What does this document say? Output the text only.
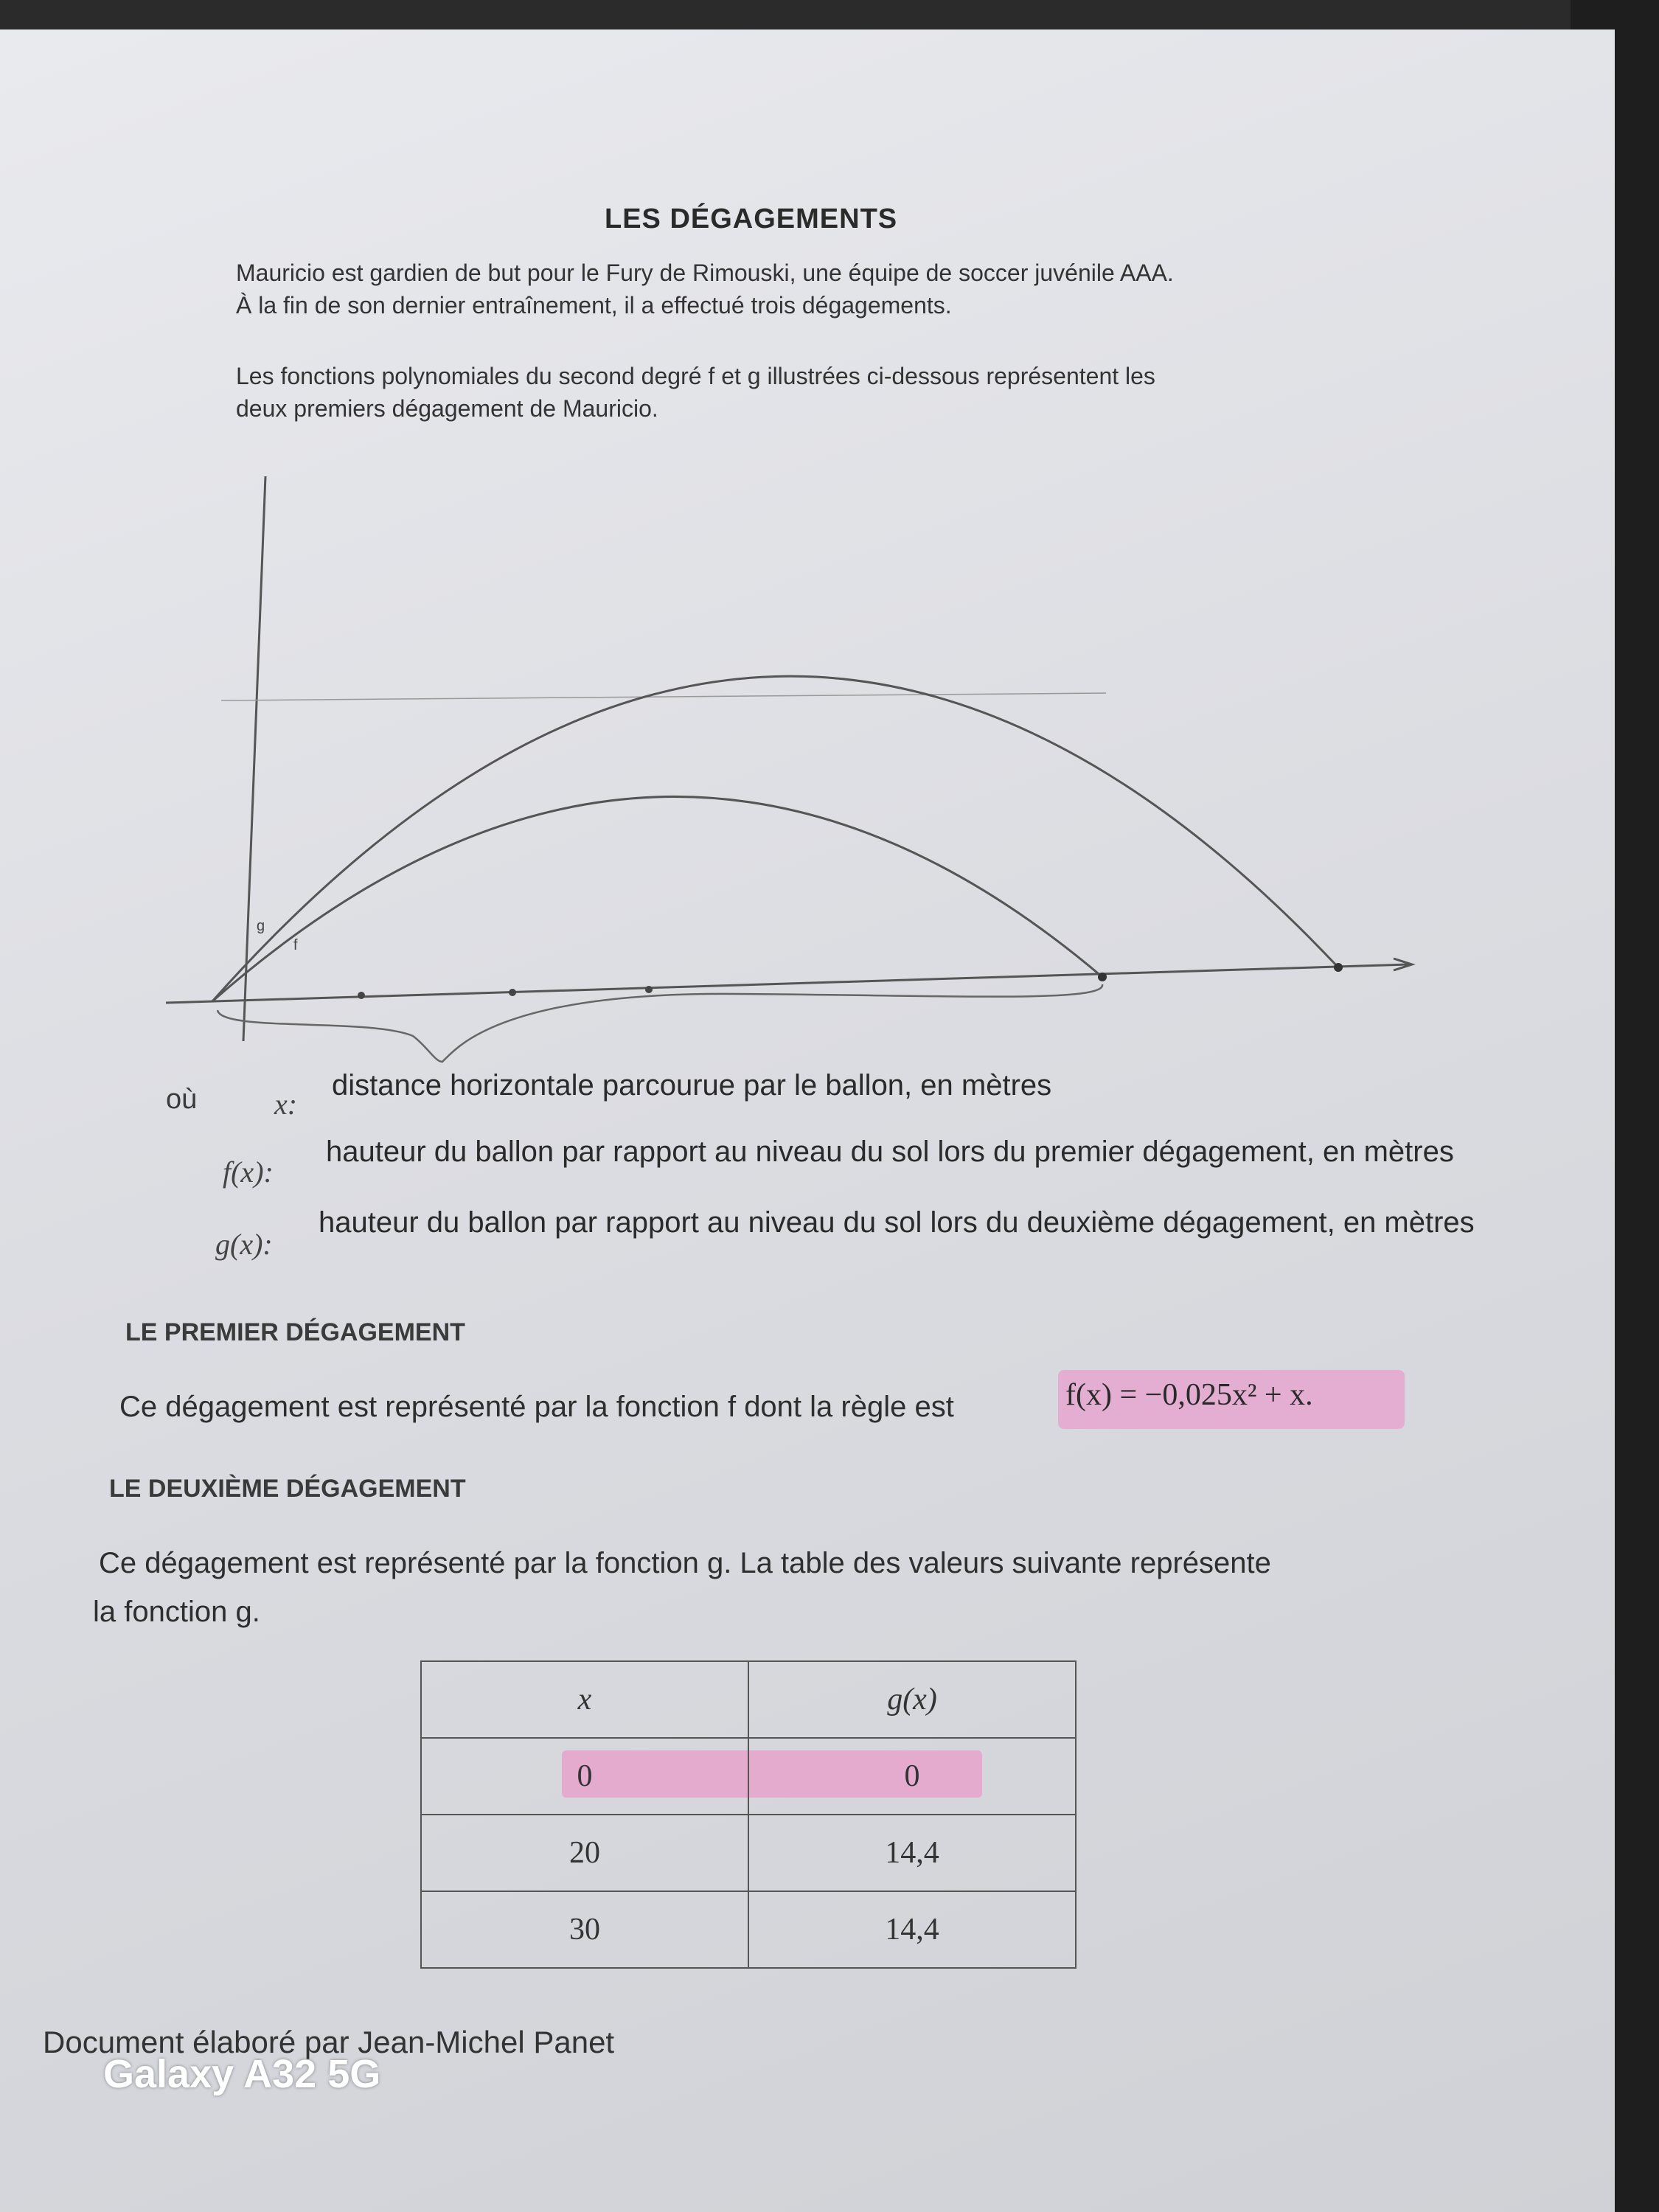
LES DÉGAGEMENTS
Mauricio est gardien de but pour le Fury de Rimouski, une équipe de soccer juvénile AAA.
À la fin de son dernier entraînement, il a effectué trois dégagements.
Les fonctions polynomiales du second degré f et g illustrées ci-dessous représentent les
deux premiers dégagement de Mauricio.
g
f
où	x:
distance horizontale parcourue par le ballon, en mètres
f(x):
hauteur du ballon par rapport au niveau du sol lors du premier dégagement, en mètres
g(x):
hauteur du ballon par rapport au niveau du sol lors du deuxième dégagement, en mètres
LE PREMIER DÉGAGEMENT
Ce dégagement est représenté par la fonction f dont la règle est	f(x) = −0,025x² + x.
LE DEUXIÈME DÉGAGEMENT
Ce dégagement est représenté par la fonction g. La table des valeurs suivante représente
la fonction g.
x	g(x)
0	0
20	14,4
30	14,4
Document élaboré par Jean-Michel Panet
Galaxy A32 5G
